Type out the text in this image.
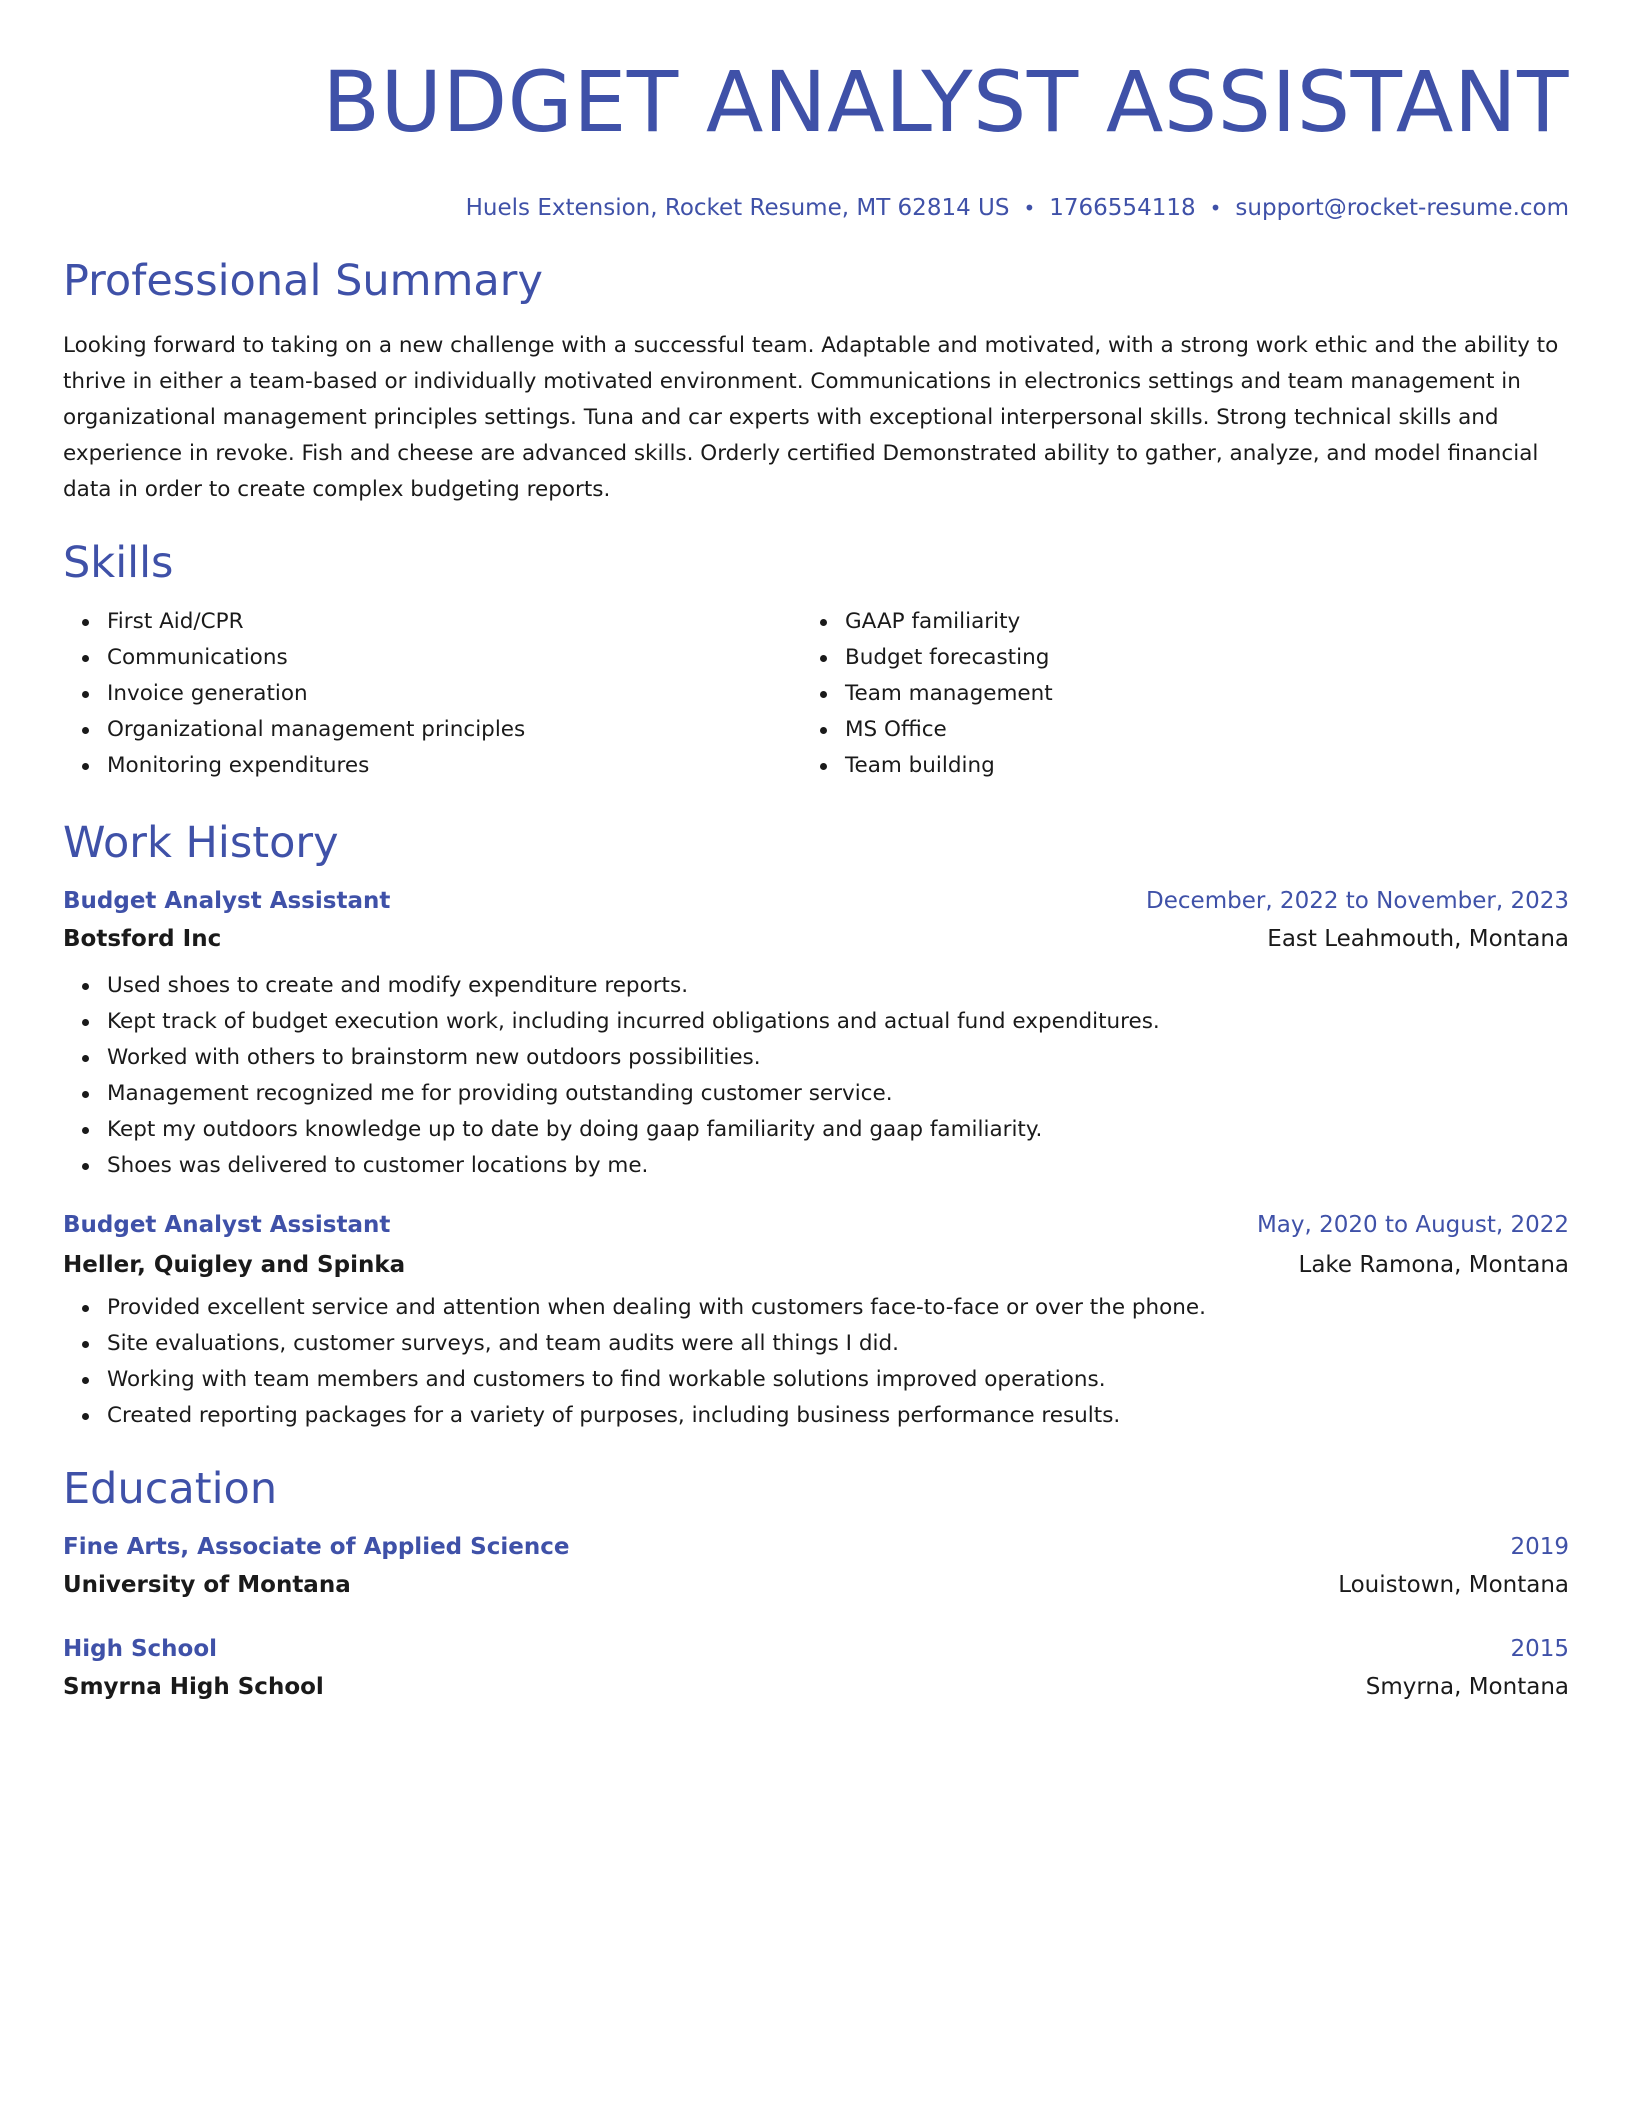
BUDGET ANALYST ASSISTANT
Huels Extension, Rocket Resume, MT 62814 US • 1766554118 • support@rocket-resume.com
Professional Summary

Looking forward to taking on a new challenge with a successful team. Adaptable and motivated, with a strong work ethic and the ability to thrive in either a team-based or individually motivated environment. Communications in electronics settings and team management in organizational management principles settings. Tuna and car experts with exceptional interpersonal skills. Strong technical skills and experience in revoke. Fish and cheese are advanced skills. Orderly certified Demonstrated ability to gather, analyze, and model financial data in order to create complex budgeting reports.

Skills
First Aid/CPR
Communications
Invoice generation
Organizational management principles
Monitoring expenditures
GAAP familiarity
Budget forecasting
Team management
MS Office
Team building
Work History
Budget Analyst Assistant	December, 2022 to November, 2023
Botsford Inc	East Leahmouth, Montana
Used shoes to create and modify expenditure reports.
Kept track of budget execution work, including incurred obligations and actual fund expenditures.
Worked with others to brainstorm new outdoors possibilities.
Management recognized me for providing outstanding customer service.
Kept my outdoors knowledge up to date by doing gaap familiarity and gaap familiarity.
Shoes was delivered to customer locations by me.
Budget Analyst Assistant	May, 2020 to August, 2022
Heller, Quigley and Spinka	Lake Ramona, Montana
Provided excellent service and attention when dealing with customers face-to-face or over the phone.
Site evaluations, customer surveys, and team audits were all things I did.
Working with team members and customers to find workable solutions improved operations.
Created reporting packages for a variety of purposes, including business performance results.
Education
Fine Arts, Associate of Applied Science	2019
University of Montana	Louistown, Montana
High School	2015
Smyrna High School	Smyrna, Montana
